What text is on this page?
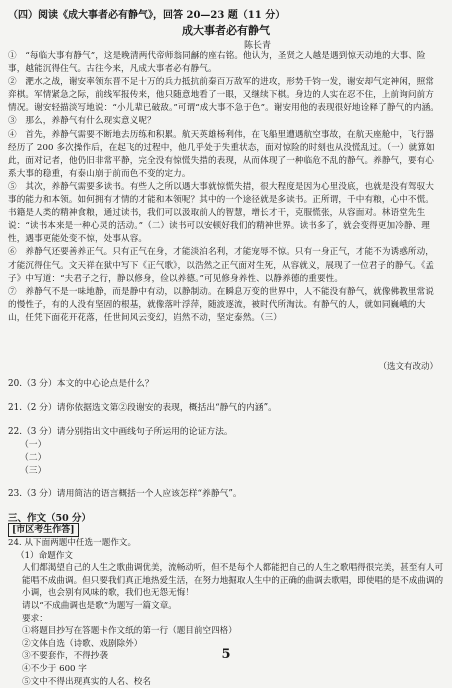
（四）阅读《成大事者必有静气》，回答 20—23 题（11 分）
成大事者必有静气
陈长青

①　“每临大事有静气”，这是晚清两代帝师翁同龢的座右铭。他认为，圣贤之人越是遇到惊天动地的大事、险事，越能沉得住气。古往今来，凡成大事者必有静气。

②　淝水之战，谢安率领东晋不足十万的兵力抵抗前秦百万敌军的进攻，形势千钧一发，谢安却气定神闲，照常弈棋。军情紧急之际，前线军报传来，他只随意地看了一眼，又继续下棋。身边的人实在忍不住，上前询问前方情况。谢安轻描淡写地说：“小儿辈已破敌。”可谓“成大事不急于色”。谢安用他的表现很好地诠释了静气的内涵。

③　那么，养静气有什么现实意义呢？

④　首先，养静气需要不断地去历练和积累。航天英雄杨利伟，在飞船里遭遇航空事故，在航天座舱中，飞行器经历了 200 多次操作后，在起飞的过程中，他几乎处于失重状态，面对惊险的时刻也从没慌乱过。（一）就算如此，面对记者，他仍旧非常平静，完全没有惊慌失措的表现，从而体现了一种临危不乱的静气。养静气，要有心系大事的稳重，有泰山崩于前而色不变的定力。

⑤　其次，养静气需要多读书。有些人之所以遇大事就惊慌失措，很大程度是因为心里没底，也就是没有驾驭大事的能力和本领。如何拥有才情的才能和本领呢？其中的一个途径就是多读书。正所谓，千中有粮，心中不慌。书籍是人类的精神食粮，通过读书，我们可以汲取前人的智慧，增长才干，克服慌张，从容面对。林语堂先生说：“读书本来是一种心灵的活动。”（二）读书可以安顿好我们的精神世界。读书多了，就会变得更加冷静、理性，遇事更能处变不惊，处事从容。

⑥　养静气还要善养正气。只有正气在身，才能淡泊名利，才能宠辱不惊。只有一身正气，才能不为诱惑所动，才能沉得住气。文天祥在狱中写下《正气歌》，以浩然之正气面对生死，从容就义，展现了一位君子的静气。《孟子》中写道：“夫君子之行，静以修身，俭以养德。”可见修身养性、以静养德的重要性。

⑦　养静气不是一味地静，而是静中有动，以静制动。在瞬息万变的世界中，人不能没有静气，就像佛教里常说的慢性子，有的人没有坚固的根基，就像落叶浮萍，随波逐流，被时代所淘汰。有静气的人，就如同巍峨的大山，任凭下面花开花落，任世间风云变幻，岿然不动，坚定泰然。（三）

（选文有改动）
20.（3 分）本文的中心论点是什么？
21.（2 分）请你依据选文第②段谢安的表现，概括出“静气的内涵”。
22.（3 分）请分别指出文中画线句子所运用的论证方法。
（一）
（二）
（三）
23.（3 分）请用简洁的语言概括一个人应该怎样“养静气”。
三、作文（50 分）
[市区考生作答]
24. 从下面两题中任选一题作文。
（1）命题作文
人们都渴望自己的人生之歌曲调优美，流畅动听，但不是每个人都能把自己的人生之歌唱得很完美，甚至有人可能唱不成曲调。但只要我们真正地热爱生活，在努力地掘取人生中的正确的曲调去歌唱，即使唱的是不成曲调的小调，也会别有风味的歌，我们也无怨无悔！
请以“不成曲调也是歌”为题写一篇文章。
要求：
①将题目抄写在答题卡作文纸的第一行（题目前空四格）
②文体自选（诗歌、戏剧除外）
③不要套作，不得抄袭
④不少于 600 字
⑤文中不得出现真实的人名、校名
5
